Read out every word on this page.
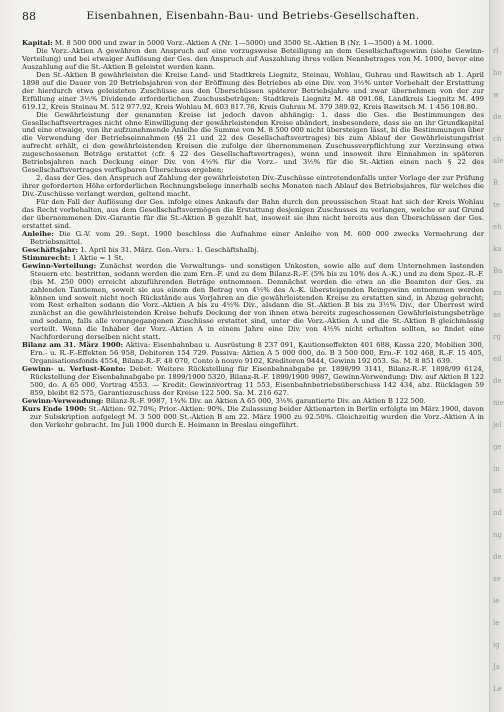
88	Eisenbahnen, Eisenbahn-Bau- und Betriebs-Gesellschaften.

Kapital: M. 8 500 000 und zwar in 5000 Vorz.-Aktien A (Nr. 1—5000) und 3500 St.-Aktien B (Nr. 1—3500) à M. 1000.

Die Vorz.-Aktien A gewähren den Anspruch auf eine vorzugsweise Beteiligung an dem Gesellschaftsgewinn (siehe Gewinn-Verteilung) und bei etwaiger Auflösung der Ges. den Anspruch auf Auszahlung ihres vollen Nennbetrages von M. 1000, bevor eine Auszahlung auf die St.-Aktien B geleistet werden kann.

Den St.-Aktien B gewährleisten die Kreise Land- und Stadtkreis Liegnitz, Steinau, Wohlau, Guhrau und Rawitsch ab 1. April 1898 auf die Dauer von 20 Betriebsjahren von der Eröffnung des Betriebes ab eine Div. von 3½% unter Vorbehalt der Erstattung der hierdurch etwa geleisteten Zuschüsse aus den Überschüssen späterer Betriebsjahre und zwar übernehmen von der zur Erfüllung einer 3½% Dividende erforderlichen Zuschussbeträgen: Stadtkreis Liegnitz M. 48 091.68, Landkreis Liegnitz M. 499 619.12, Kreis Steinau M. 512 977.92, Kreis Wohlau M. 603 817.76, Kreis Guhrau M. 379 389.92, Kreis Rawitsch M. 1 456 108.80.

Die Gewährleistung der genannten Kreise ist jedoch davon abhängig: 1. dass die Ges. die Bestimmungen des Gesellschaftsvertrages nicht ohne Einwilligung der gewährleistenden Kreise abändert, insbesondere, dass sie an ihr Grundkapital und eine etwaige, von ihr aufzunehmende Anleihe die Summe von M. 8 500 000 nicht übersteigen lässt, bi die Bestimmungen über die Verwendung der Betriebseinnahmen (§§ 21 und 22 des Gesellschaftsvertrages) bis zum Ablauf der Gewährleistungsfrist aufrecht erhält, ci den gewährleistenden Kreisen die zufolge der übernommenen Zuschussverpflichtung zur Verzinsung etwa zugeschossenen Beträge erstattet (cfr. § 22 des Gesellschaftsvertrages), wenn und insoweit ihre Einnahmen in späteren Betriebsjahren nach Deckung einer Div. von 4½% für die Vorz.- und 3½% für die St.-Aktien einen nach § 22 des Gesellschaftsvertrages verfügbaren Überschuss ergeben;

2. dass der Ges. den Anspruch auf Zahlung der gewährleisteten Div.-Zuschüsse eintretendenfalls unter Vorlage der zur Prüfung ihrer geforderten Höhe erforderlichen Rechnungsbelege innerhalb sechs Monaten nach Ablauf des Betriebsjahres, für welches die Div.-Zuschüsse verlangt werden, geltend macht.

Für den Fall der Auflösung der Ges. infolge eines Ankaufs der Bahn durch den preussischen Staat hat sich der Kreis Wohlau das Recht vorbehalten, aus dem Gesellschaftsvermögen die Erstattung desjenigen Zuschusses zu verlangen, welche er auf Grund der übernommenen Div.-Garantie für die St.-Aktien B gezahlt hat, insoweit sie ihm nicht bereits aus den Überschüssen der Ges. erstattet sind.

Anleihe: Die G.-V. vom 29. Sept. 1900 beschloss die Aufnahme einer Anleihe von M. 600 000 zwecks Vermehrung der Betriebsmittel.

Geschäftsjahr: 1. April bis 31. März. Gen.-Vers.: 1. Geschäftshalbj.

Stimmrecht: 1 Aktie = 1 St.

Gewinn-Verteilung: Zunächst werden die Verwaltungs- und sonstigen Unkosten, sowie alle auf dem Unternehmen lastenden Steuern etc. bestritten, sodann werden die zum Ern.-F. und zu dem Bilanz-R.-F. (5% bis zu 10% des A.-K.) und zu dem Spez.-R.-F. (bis M. 250 000) erreicht abzuführenden Beträge entnommen. Demnächst werden die etwa an die Beamten der Ges. zu zahlenden Tantiemen, soweit sie aus einem den Betrag von 4½% des A.-K. übersteigenden Reingewinn entnommen werden können und soweit nicht noch Rückstände aus Vorjahren an die gewährleistenden Kreise zu erstatten sind, in Abzug gebracht; vom Rest erhalten sodann die Vorz.-Aktien A bis zu 4½% Div., alsdann die St.-Aktien B bis zu 3½% Div., der Überrest wird zunächst an die gewährleistenden Kreise behufs Deckung der von ihnen etwa bereits zugeschossenen Gewährleistungsbeträge und sodann, falls alle vorangegangenen Zuschüsse erstattet sind, unter die Vorz.-Aktien A und die St.-Aktien B gleichmässig verteilt. Wenn die Inhaber der Vorz.-Aktien A in einem Jahre eine Div. von 4½% nicht erhalten sollten, so findet eine Nachforderung derselben nicht statt.

Bilanz am 31. März 1900: Aktiva: Eisenbahnbau u. Ausrüstung 8 237 091, Kautionseffekten 401 688, Kassa 220, Mobilien 300, Ern.- u. R.-F.-Effekten 56 958, Debitoren 154 729. Passiva: Aktien A 5 000 000, do. B 3 500 000, Ern.-F. 102 468, R.-F. 15 405, Organisationsfonds 4554, Bilanz-R.-F. 48 070, Conto à nouvo 9102, Kreditoren 9444, Gewinn 192 053. Sa. M. 8 851 639.

Gewinn- u. Verlust-Konto: Debet: Weitere Rückstellung für Eisenbahnabgabe pr. 1898/99 3141, Bilanz-R.-F. 1898/99 6124, Rückstellung der Eisenbahnabgabe pr. 1899/1900 5320, Bilanz-R.-F. 1899/1900 9987, Gewinn-Verwendung: Div. auf Aktien B 122 500, do. A 65 000, Vortrag 4553. — Kredit: Gewinnvortrag 11 553, Eisenbahnbetriebsüberschuss 142 434, abz. Rücklagen 59 859, bleibt 82 575, Garantiezuschuss der Kreise 122 500. Sa. M. 216 627.

Gewinn-Verwendung: Bilanz-R.-F. 9987, 1¾% Div. an Aktien A 65 000, 3½% garantierte Div. an Aktien B 122 500.

Kurs Ende 1900: St.-Aktien: 92.70%; Prior.-Aktien: 90%. Die Zulassung beider Aktienarten in Berlin erfolgte im März 1900, davon zur Subskription aufgelegt M. 3 500 000 St.-Aktien B am 22. März 1900 zu 92.50%. Gleichzeitig wurden die Vorz.-Aktien A in den Verkehr gebracht. Im Juli 1900 durch E. Heimann in Breslau eingeführt.

rl
ho
w
de
ch
ale
R
te
eh
ka
Ba
zu
as
rg
eil
de
nie
jel
ge
in
ist
nd
ng
de
se
ie
le
ig
Ja
Le
